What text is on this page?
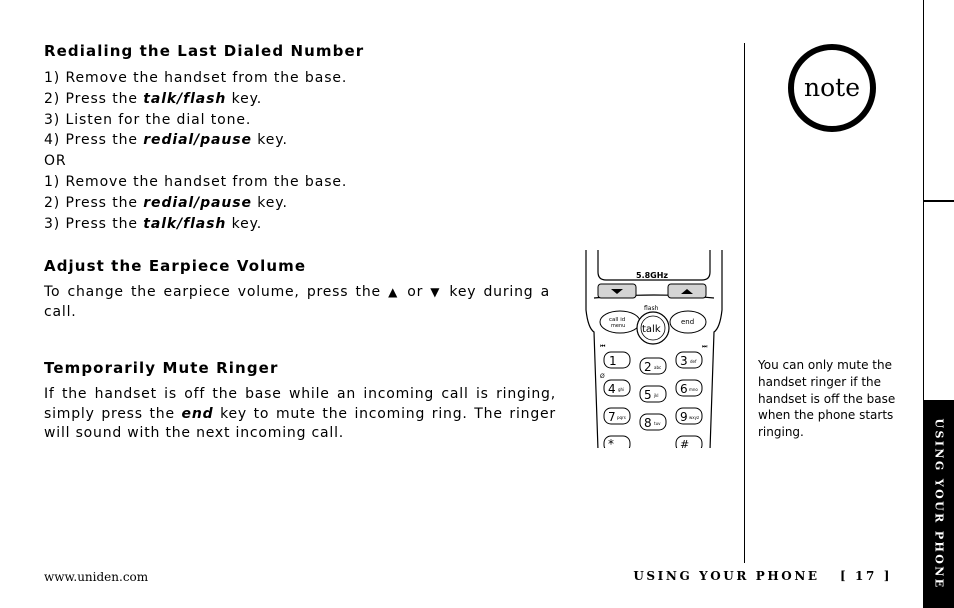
Redialing the Last Dialed Number
1) Remove the handset from the base.
2) Press the talk/flash key.
3) Listen for the dial tone.
4) Press the redial/pause key.
OR
1) Remove the handset from the base.
2) Press the redial/pause key.
3) Press the talk/flash key.
Adjust the Earpiece Volume

To change the earpiece volume, press the ▲ or ▼ key during a call.

Temporarily Mute Ringer

If the handset is off the base while an incoming call is ringing, simply press the end key to mute the incoming ring. The ringer will sound with the next incoming call.

5.8GHz
flash
call id
menu talk
end
⏮	⏭
Ø
1 2 abc 3 def
4 ghi 5 jkl 6 mno
7 pqrs 8 tuv 9 wxyz
*	#
note

You can only mute the handset ringer if the handset is off the base when the phone starts ringing.	USING YOUR PHONE
www.uniden.com	USING YOUR PHONE [ 17 ]
